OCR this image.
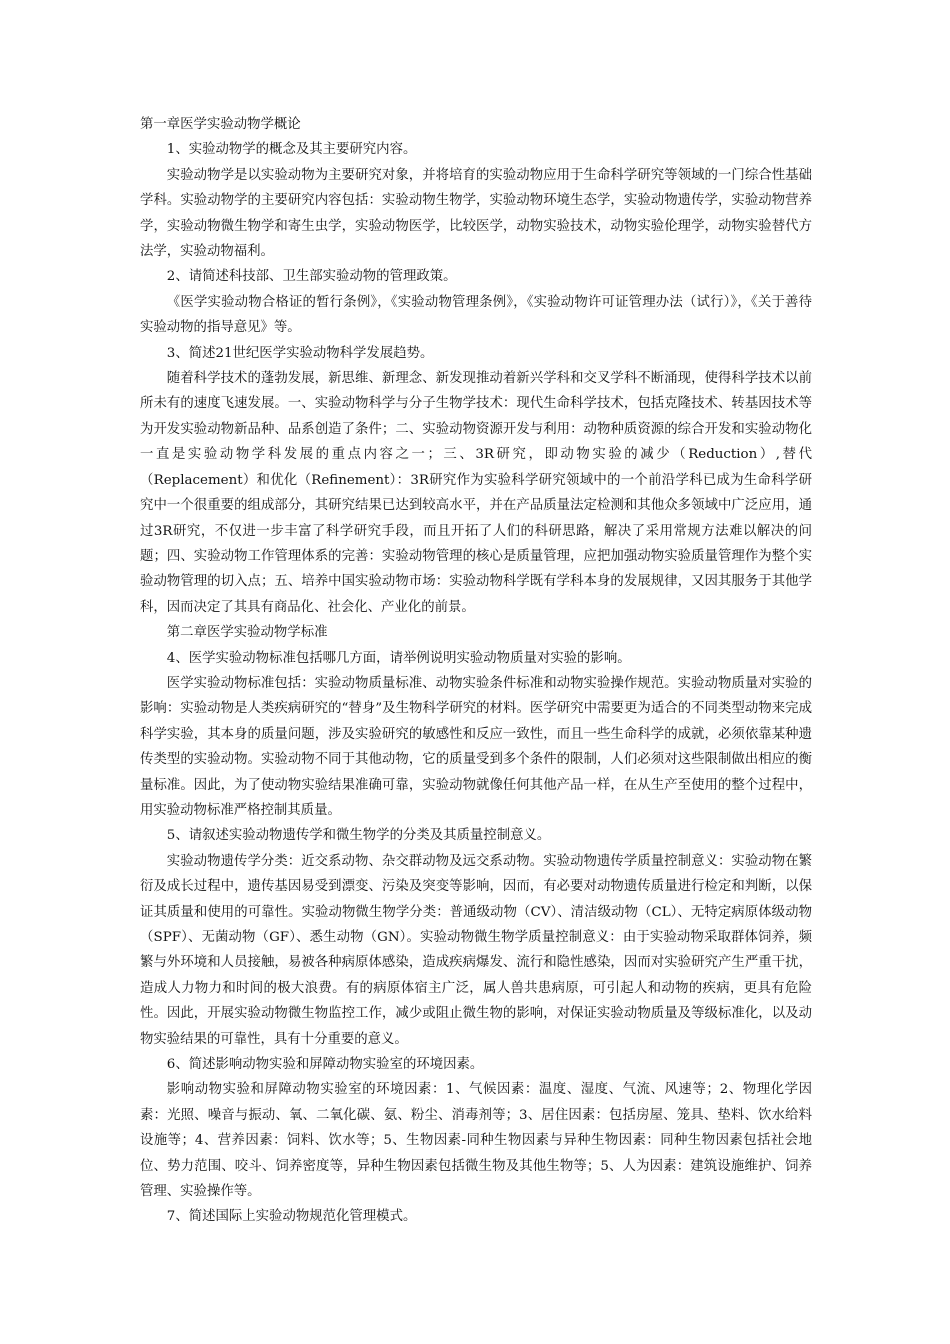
第一章医学实验动物学概论

1、实验动物学的概念及其主要研究内容。

实验动物学是以实验动物为主要研究对象，并将培育的实验动物应用于生命科学研究等领域的一门综合性基础学科。实验动物学的主要研究内容包括：实验动物生物学，实验动物环境生态学，实验动物遗传学，实验动物营养学，实验动物微生物学和寄生虫学，实验动物医学，比较医学，动物实验技术，动物实验伦理学，动物实验替代方法学，实验动物福利。

2、请简述科技部、卫生部实验动物的管理政策。

《医学实验动物合格证的暂行条例》，《实验动物管理条例》，《实验动物许可证管理办法（试行）》，《关于善待实验动物的指导意见》等。

3、简述21世纪医学实验动物科学发展趋势。

随着科学技术的蓬勃发展，新思维、新理念、新发现推动着新兴学科和交叉学科不断涌现，使得科学技术以前所未有的速度飞速发展。一、实验动物科学与分子生物学技术：现代生命科学技术，包括克隆技术、转基因技术等为开发实验动物新品种、品系创造了条件；二、实验动物资源开发与利用：动物种质资源的综合开发和实验动物化一直是实验动物学科发展的重点内容之一；三、3R研究，即动物实验的减少（Reduction）,替代（Replacement）和优化（Refinement）：3R研究作为实验科学研究领域中的一个前沿学科已成为生命科学研究中一个很重要的组成部分，其研究结果已达到较高水平，并在产品质量法定检测和其他众多领域中广泛应用，通过3R研究，不仅进一步丰富了科学研究手段，而且开拓了人们的科研思路，解决了采用常规方法难以解决的问题；四、实验动物工作管理体系的完善：实验动物管理的核心是质量管理，应把加强动物实验质量管理作为整个实验动物管理的切入点；五、培养中国实验动物市场：实验动物科学既有学科本身的发展规律，又因其服务于其他学科，因而决定了其具有商品化、社会化、产业化的前景。

第二章医学实验动物学标准

4、医学实验动物标准包括哪几方面，请举例说明实验动物质量对实验的影响。

医学实验动物标准包括：实验动物质量标准、动物实验条件标准和动物实验操作规范。实验动物质量对实验的影响：实验动物是人类疾病研究的“替身”及生物科学研究的材料。医学研究中需要更为适合的不同类型动物来完成科学实验，其本身的质量问题，涉及实验研究的敏感性和反应一致性，而且一些生命科学的成就，必须依靠某种遗传类型的实验动物。实验动物不同于其他动物，它的质量受到多个条件的限制，人们必须对这些限制做出相应的衡量标准。因此，为了使动物实验结果准确可靠，实验动物就像任何其他产品一样，在从生产至使用的整个过程中，用实验动物标准严格控制其质量。

5、请叙述实验动物遗传学和微生物学的分类及其质量控制意义。

实验动物遗传学分类：近交系动物、杂交群动物及远交系动物。实验动物遗传学质量控制意义：实验动物在繁衍及成长过程中，遗传基因易受到漂变、污染及突变等影响，因而，有必要对动物遗传质量进行检定和判断，以保证其质量和使用的可靠性。实验动物微生物学分类：普通级动物（CV）、清洁级动物（CL）、无特定病原体级动物（SPF）、无菌动物（GF）、悉生动物（GN）。实验动物微生物学质量控制意义：由于实验动物采取群体饲养，频繁与外环境和人员接触，易被各种病原体感染，造成疾病爆发、流行和隐性感染，因而对实验研究产生严重干扰，造成人力物力和时间的极大浪费。有的病原体宿主广泛，属人兽共患病原，可引起人和动物的疾病，更具有危险性。因此，开展实验动物微生物监控工作，减少或阻止微生物的影响，对保证实验动物质量及等级标准化，以及动物实验结果的可靠性，具有十分重要的意义。

6、简述影响动物实验和屏障动物实验室的环境因素。

影响动物实验和屏障动物实验室的环境因素：1、气候因素：温度、湿度、气流、风速等；2、物理化学因素：光照、噪音与振动、氧、二氧化碳、氨、粉尘、消毒剂等；3、居住因素：包括房屋、笼具、垫料、饮水给料设施等；4、营养因素：饲料、饮水等；5、生物因素-同种生物因素与异种生物因素：同种生物因素包括社会地位、势力范围、咬斗、饲养密度等，异种生物因素包括微生物及其他生物等；5、人为因素：建筑设施维护、饲养管理、实验操作等。

7、简述国际上实验动物规范化管理模式。
